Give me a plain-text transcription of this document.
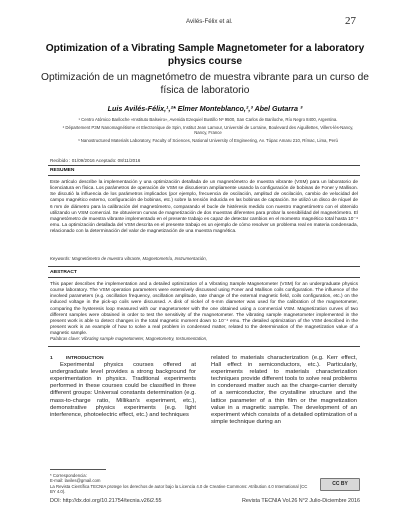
Avilés-Félix et al.	27
Optimization of a Vibrating Sample Magnetometer for a laboratory physics course
Optimización de un magnetómetro de muestra vibrante para un curso de física de laboratorio
Luis Avilés-Félix,¹,²* Elmer Monteblanco,²,³ Abel Gutarra ³

¹ Centro Atómico Bariloche «Instituto Balseiro», Avenida Ezequiel Bustillo Nº 9500, San Carlos de Bariloche, Río Negro 8400, Argentina.

² Département P3M Nanomagnétisme et Electronique de Spin, Institut Jean Lamour, Université de Lorraine, Boulevard des Aiguillettes, Villers-lès-Nancy, Nancy, France

³ Nanostructured Materials Laboratory, Faculty of Sciences, National University of Engineering, Av. Túpac Amaru 210, Rímac, Lima, Perú

Recibido : 01/09/2016 Aceptado: 08/11/2016
RESUMEN

Este artículo describe la implementación y una optimización detallada de un magnetómetro de muestra vibrante (VSM) para un laboratorio de licenciatura en física. Los parámetros de operación de VSM se discutieron ampliamente usando la configuración de bobinas de Foner y Mallison. Se discutió la influencia de los parámetros implicados (por ejemplo, frecuencia de oscilación, amplitud de oscilación, cambio de velocidad del campo magnético externo, configuración de bobinas, etc.) sobre la tensión inducida en las bobinas de captación. Se utilizó un disco de níquel de 6 mm de diámetro para la calibración del magnetómetro, comparando el bucle de histéresis medido con nuestro magnetómetro con el obtenido utilizando un VSM comercial. Se obtuvieron curvas de magnetización de dos muestras diferentes para probar la sensibilidad del magnetómetro. El magnetómetro de muestra vibrante implementado en el presente trabajo es capaz de detectar cambios en el momento magnético total hasta 10⁻⁴ emu. La optimización detallada del VSM descrita en el presente trabajo es un ejemplo de cómo resolver un problema real en materia condensada, relacionado con la determinación del valor de magnetización de una muestra magnética.

Keywords: Magnetómetro de muestra vibrante, Magnetometría, Instrumentación,
ABSTRACT

This paper describes the implementation and a detailed optimization of a Vibrating Sample Magnetometer (VSM) for an undergraduate physics course laboratory. The VSM operation parameters were extensively discussed using Foner and Mallison coils configuration. The influence of the involved parameters (e.g. oscillation frequency, oscillation amplitude, rate change of the external magnetic field, coils configuration, etc.) on the induced voltage in the pick-up coils were discussed. A disk of nickel of 6-mm diameter was used for the calibration of the magnetometer, comparing the hysteresis loop measured with our magnetometer with the one obtained using a commercial VSM. Magnetization curves of two different samples were obtained in order to test the sensitivity of the magnetometer. The vibrating sample magnetometer implemented in the present work is able to detect changes in the total magnetic moment down to 10⁻⁴ emu. The detailed optimization of the VSM described in the present work is an example of how to solve a real problem in condensed matter, related to the determination of the magnetization value of a magnetic sample.

Palabras clave: Vibrating sample magnetometer, Magnetometry, Instrumentation,

1	INTRODUCTION

Experimental physics courses offered at undergraduate level provides a strong background for experimentation in physics. Traditional experiments performed in these courses could be classified in three different groups: Universal constants determination (e.g. mass-to-charge ratio, Millikan's experiment, etc.), demonstrative physics experiments (e.g. light interference, photoelectric effect, etc.) and techniques

related to materials characterization (e.g. Kerr effect, Hall effect in semiconductors, etc.). Particularly, experiments related to materials characterization techniques provide different tools to solve real problems in condensed matter such as the charge-carrier density of a semiconductor, the crystalline structure and the lattice parameter of a thin film or the magnetization value in a magnetic sample. The development of an experiment which consists of a detailed optimization of a simple technique during an

* Correspondencia:

E-mail: laviles@gmail.com

La Revista Científica TECNIA protege los derechos de autor bajo la Licencia 4.0 de Creative Commons: Atribution 4.0 International (CC BY 4.0).

CC BY
DOI: http://dx.doi.org/10.21754/tecnia.v26i2.55	Revista TECNIA Vol.26 N°2 Julio-Diciembre 2016
